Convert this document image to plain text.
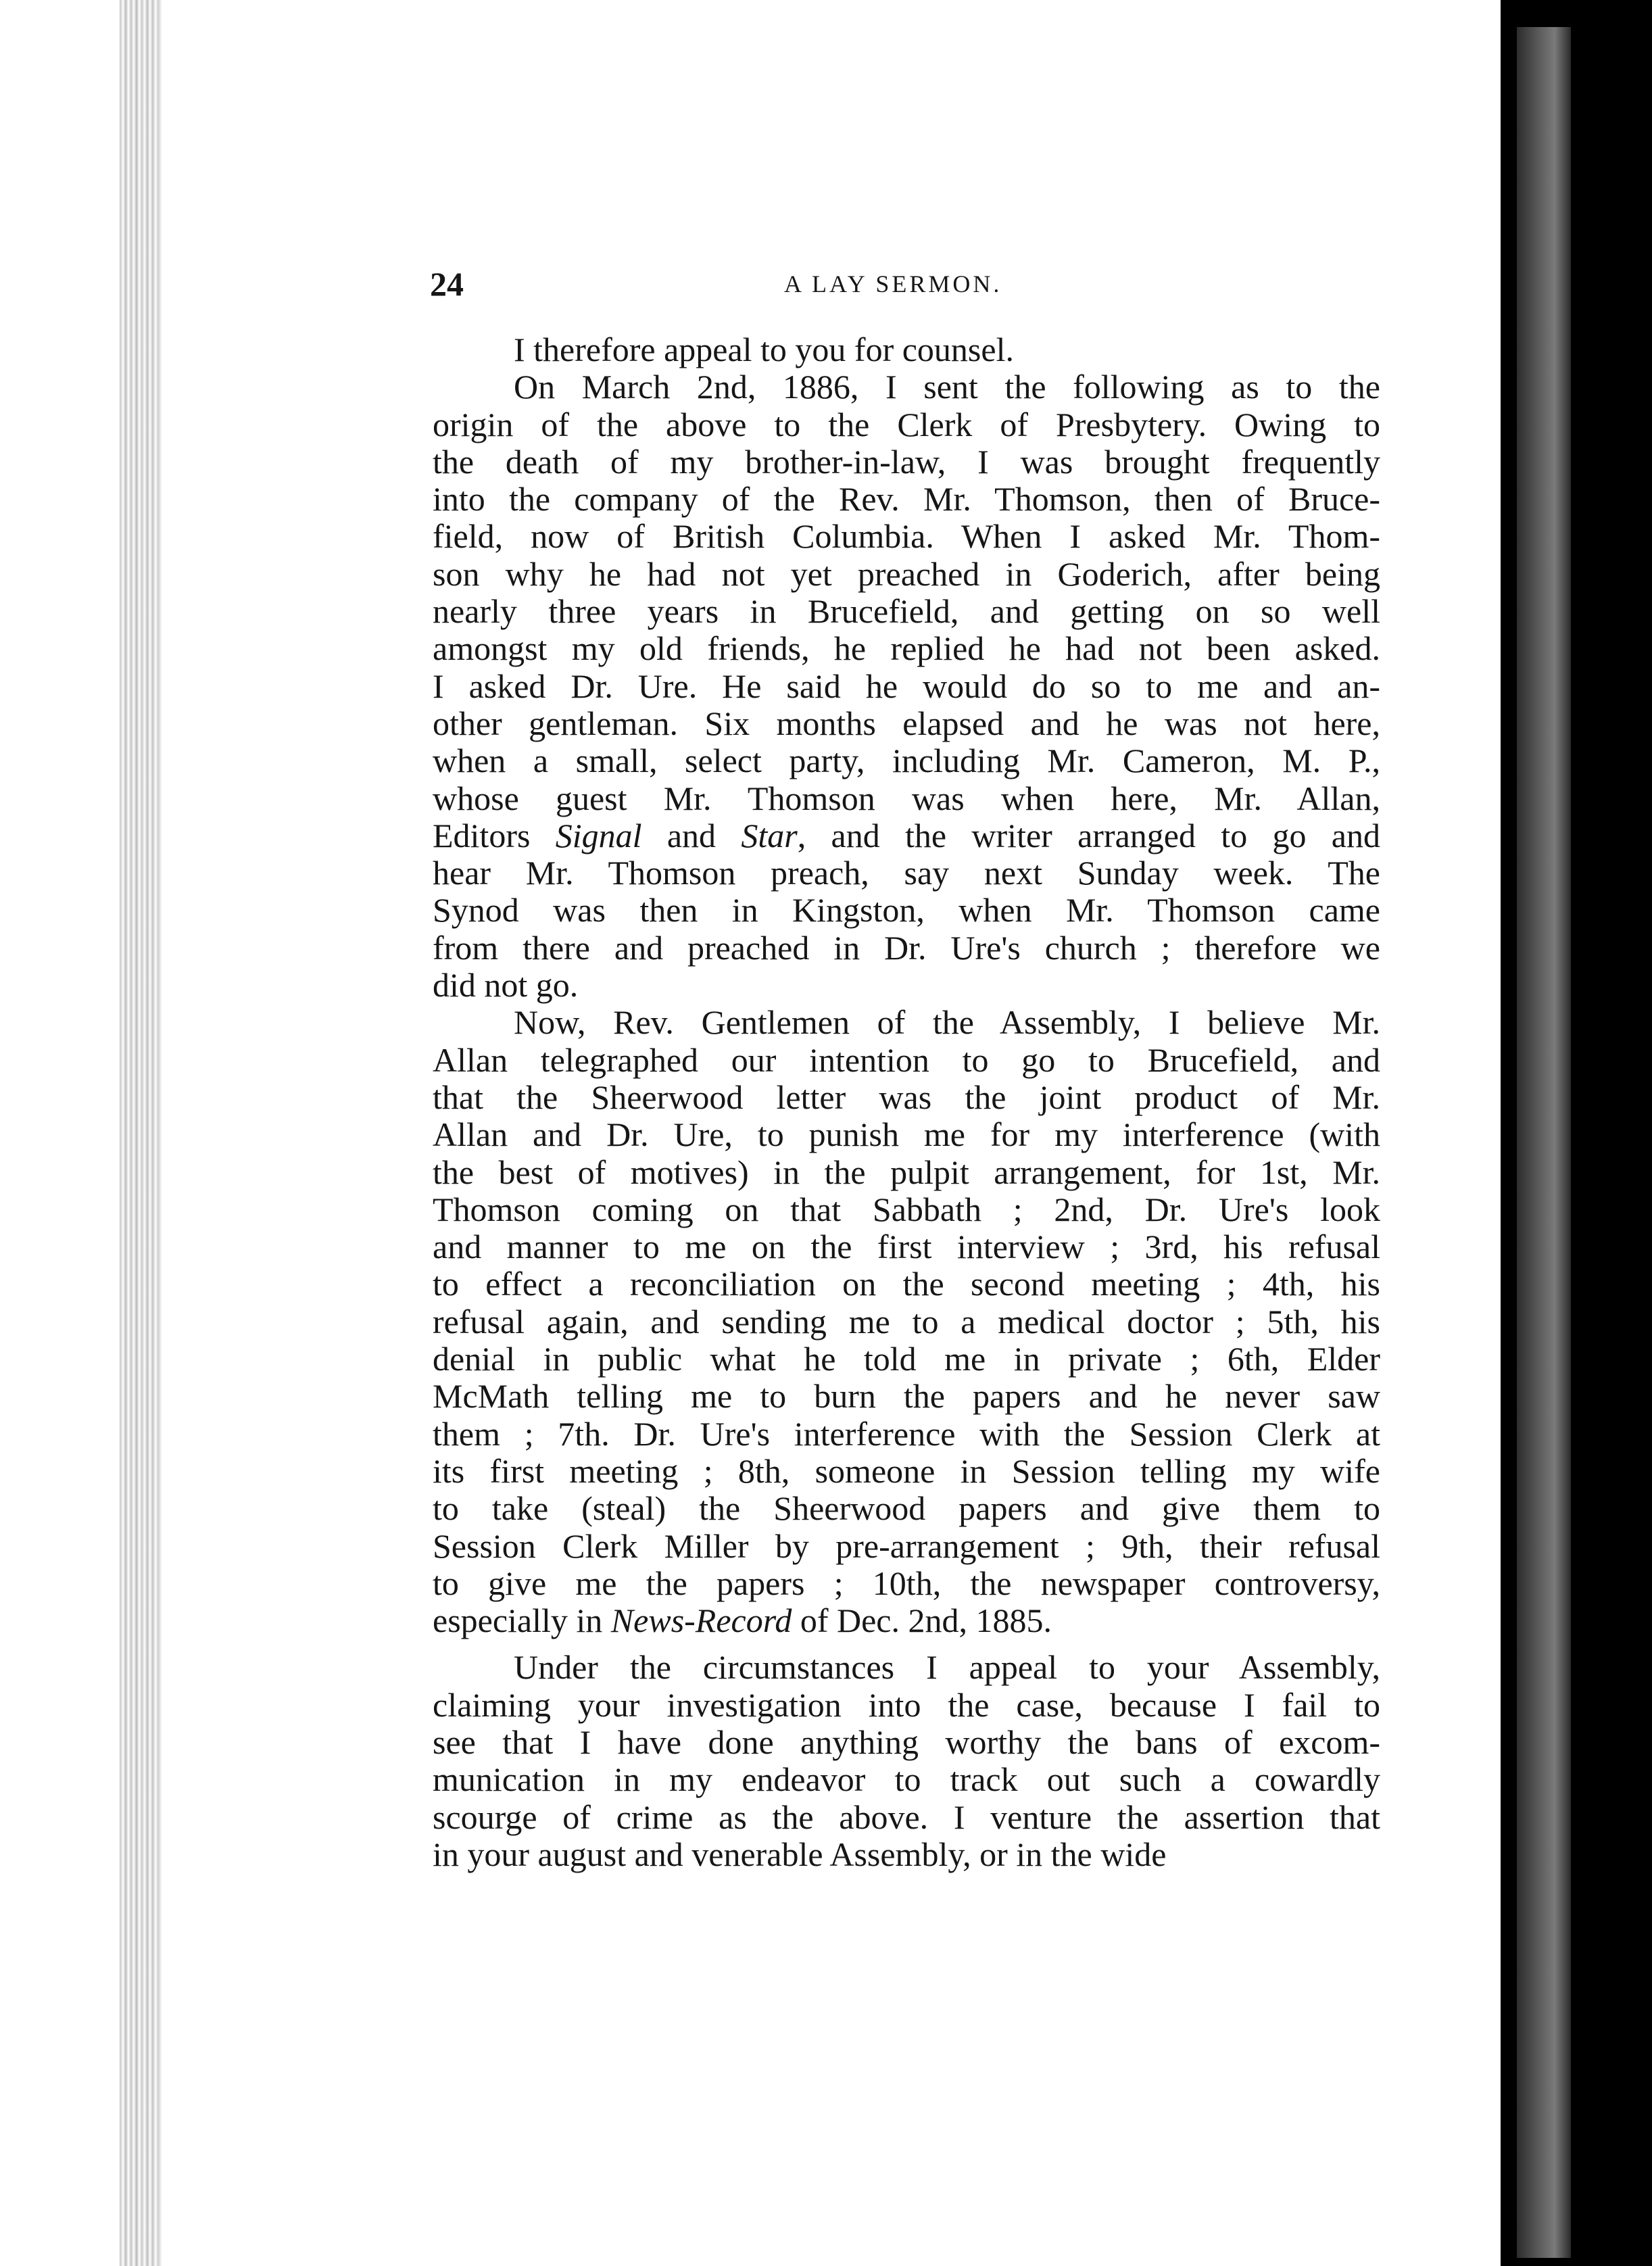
24	A LAY SERMON.
I therefore appeal to you for counsel.
On March 2nd, 1886, I sent the following as to the
origin of the above to the Clerk of Presbytery. Owing to
the death of my brother-in-law, I was brought frequently
into the company of the Rev. Mr. Thomson, then of Bruce-
field, now of British Columbia. When I asked Mr. Thom-
son why he had not yet preached in Goderich, after being
nearly three years in Brucefield, and getting on so well
amongst my old friends, he replied he had not been asked.
I asked Dr. Ure. He said he would do so to me and an-
other gentleman. Six months elapsed and he was not here,
when a small, select party, including Mr. Cameron, M. P.,
whose guest Mr. Thomson was when here, Mr. Allan,
Editors Signal and Star, and the writer arranged to go and
hear Mr. Thomson preach, say next Sunday week. The
Synod was then in Kingston, when Mr. Thomson came
from there and preached in Dr. Ure's church ; therefore we
did not go.
Now, Rev. Gentlemen of the Assembly, I believe Mr.
Allan telegraphed our intention to go to Brucefield, and
that the Sheerwood letter was the joint product of Mr.
Allan and Dr. Ure, to punish me for my interference (with
the best of motives) in the pulpit arrangement, for 1st, Mr.
Thomson coming on that Sabbath ; 2nd, Dr. Ure's look
and manner to me on the first interview ; 3rd, his refusal
to effect a reconciliation on the second meeting ; 4th, his
refusal again, and sending me to a medical doctor ; 5th, his
denial in public what he told me in private ; 6th, Elder
McMath telling me to burn the papers and he never saw
them ; 7th. Dr. Ure's interference with the Session Clerk at
its first meeting ; 8th, someone in Session telling my wife
to take (steal) the Sheerwood papers and give them to
Session Clerk Miller by pre-arrangement ; 9th, their refusal
to give me the papers ; 10th, the newspaper controversy,
especially in News-Record of Dec. 2nd, 1885.
Under the circumstances I appeal to your Assembly,
claiming your investigation into the case, because I fail to
see that I have done anything worthy the bans of excom-
munication in my endeavor to track out such a cowardly
scourge of crime as the above. I venture the assertion that
in your august and venerable Assembly, or in the wide
